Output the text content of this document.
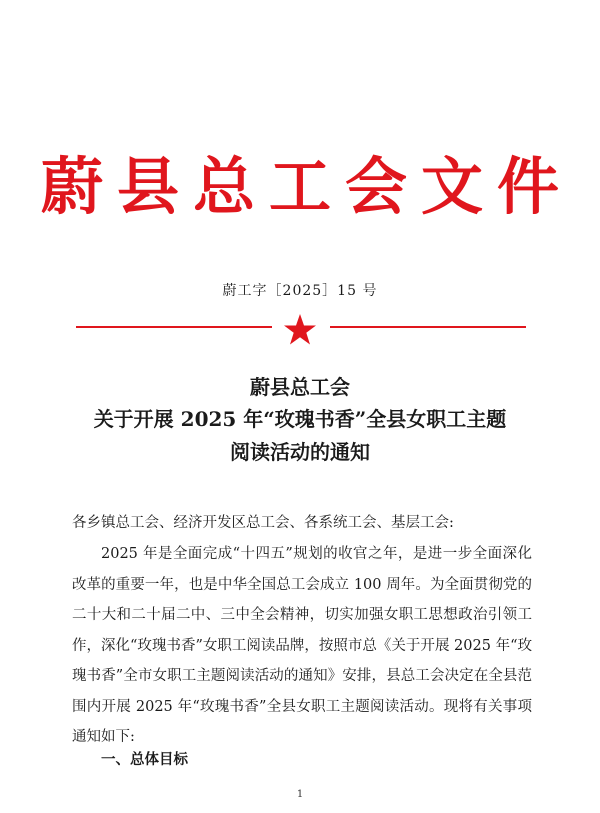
蔚县总工会文件
蔚工字［2025］15 号
蔚县总工会
关于开展 2025 年“玫瑰书香”全县女职工主题
阅读活动的通知
各乡镇总工会、经济开发区总工会、各系统工会、基层工会:
2025 年是全面完成“十四五”规划的收官之年，是进一步全面深化改革的重要一年，也是中华全国总工会成立 100 周年。为全面贯彻党的二十大和二十届二中、三中全会精神，切实加强女职工思想政治引领工作，深化“玫瑰书香”女职工阅读品牌，按照市总《关于开展 2025 年“玫瑰书香”全市女职工主题阅读活动的通知》安排，县总工会决定在全县范围内开展 2025 年“玫瑰书香”全县女职工主题阅读活动。现将有关事项通知如下:
一、总体目标
1
